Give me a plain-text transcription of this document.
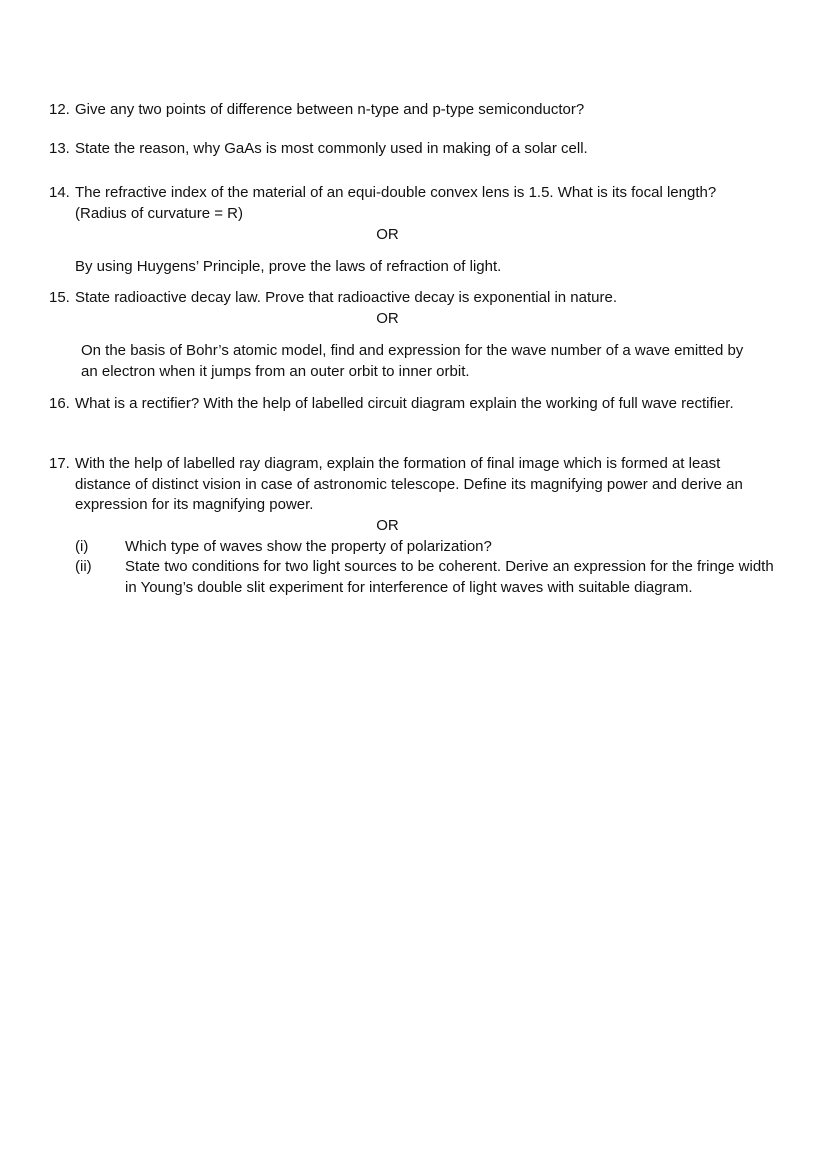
12. Give any two points of difference between n-type and p-type semiconductor?
13. State the reason, why GaAs is most commonly used in making of a solar cell.
14. The refractive index of the material of an equi-double convex lens is 1.5. What is its focal length? (Radius of curvature = R)
OR
By using Huygens’ Principle, prove the laws of refraction of light.
15. State radioactive decay law. Prove that radioactive decay is exponential in nature.
OR
On the basis of Bohr’s atomic model, find and expression for the wave number of a wave emitted by an electron when it jumps from an outer orbit to inner orbit.
16. What is a rectifier? With the help of labelled circuit diagram explain the working of full wave rectifier.
17. With the help of labelled ray diagram, explain the formation of final image which is formed at least distance of distinct vision in case of astronomic telescope. Define its magnifying power and derive an expression for its magnifying power.
OR
(i) Which type of waves show the property of polarization?
(ii) State two conditions for two light sources to be coherent. Derive an expression for the fringe width in Young’s double slit experiment for interference of light waves with suitable diagram.
